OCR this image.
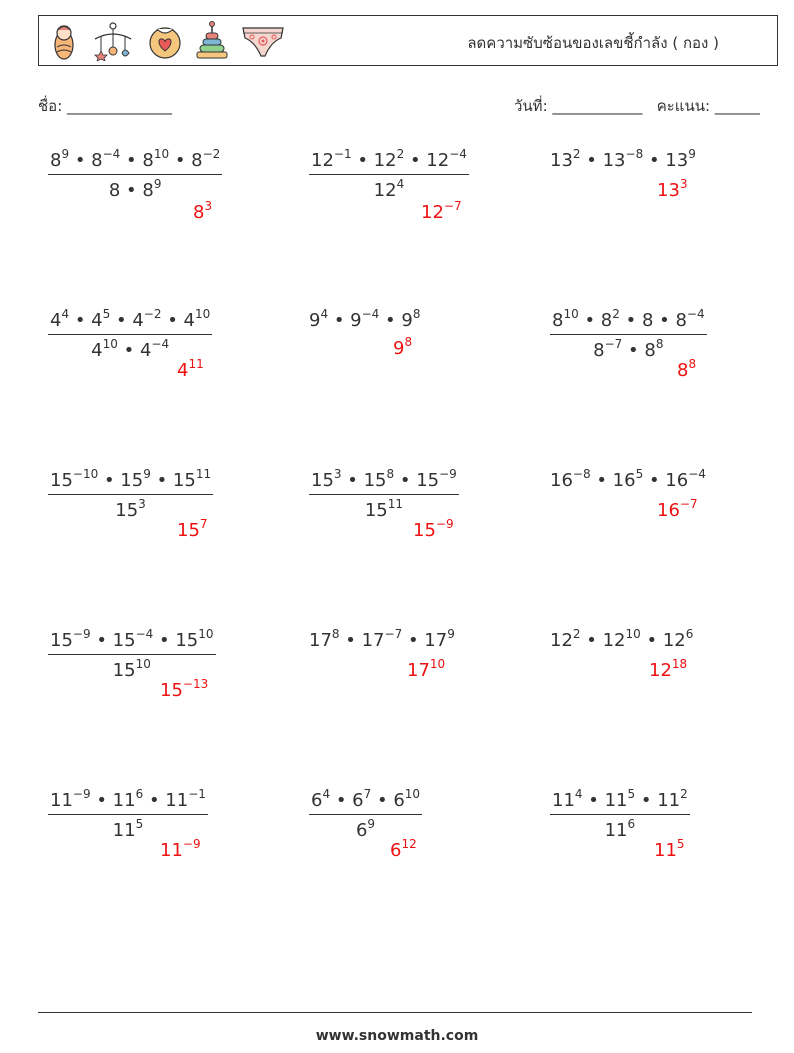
ลดความซับซ้อนของเลขชี้กำลัง ( กอง )
ชื่อ: ______________	วันที่: ____________ คะแนน: ______
$\frac{8^9 • 8^{-4} • 8^{10} • 8^{-2}}{8 • 8^9}$
$8^3$
$\frac{12^{-1} • 12^2 • 12^{-4}}{12^4}$
$12^{-7}$
$13^2$ • $13^{-8}$ • $13^9$
$13^3$
$\frac{4^4 • 4^5 • 4^{-2} • 4^{10}}{4^{10} • 4^{-4}}$
$4^{11}$
$9^4$ • $9^{-4}$ • $9^8$
$9^8$	$\frac{8^{10} • 8^2 • 8 • 8^{-4}}{8^{-7} • 8^8}$
$8^8$
$\frac{15^{-10} • 15^9 • 15^{11}}{15^3}$
$15^7$
$\frac{15^3 • 15^8 • 15^{-9}}{15^{11}}$
$15^{-9}$
$16^{-8}$ • $16^5$ • $16^{-4}$
$16^{-7}$
$\frac{15^{-9} • 15^{-4} • 15^{10}}{15^{10}}$
$15^{-13}$
$17^8$ • $17^{-7}$ • $17^9$
$17^{10}$
$12^2$ • $12^{10}$ • $12^6$
$12^{18}$
$\frac{11^{-9} • 11^6 • 11^{-1}}{11^5}$
$11^{-9}$
$\frac{6^4 • 6^7 • 6^{10}}{6^9}$
$6^{12}$
$\frac{11^4 • 11^5 • 11^2}{11^6}$
$11^5$
www.snowmath.com
